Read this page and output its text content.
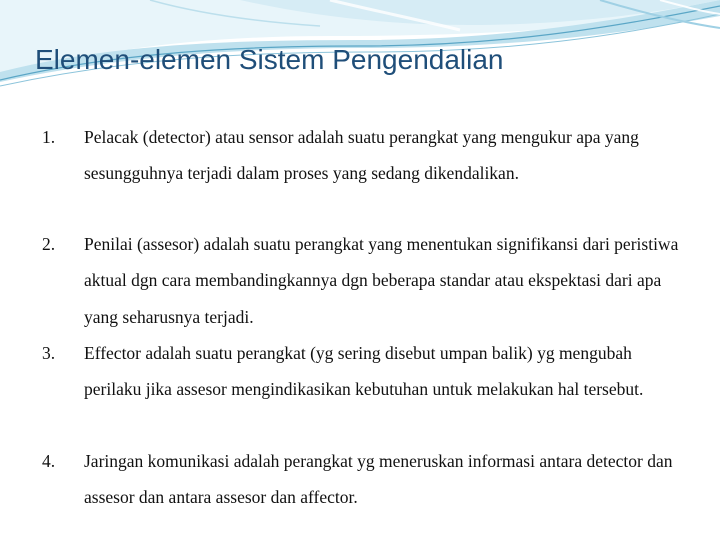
Elemen-elemen Sistem Pengendalian
1. Pelacak (detector) atau sensor adalah suatu perangkat yang mengukur apa yang sesungguhnya terjadi dalam proses yang sedang dikendalikan.

2. Penilai (assesor) adalah suatu perangkat yang menentukan signifikansi dari peristiwa aktual dgn cara membandingkannya dgn beberapa standar atau ekspektasi dari apa yang seharusnya terjadi.

3. Effector adalah suatu perangkat (yg sering disebut umpan balik) yg mengubah perilaku jika assesor mengindikasikan kebutuhan untuk melakukan hal tersebut.

4. Jaringan komunikasi adalah perangkat yg meneruskan informasi antara detector dan assesor dan antara assesor dan affector.
